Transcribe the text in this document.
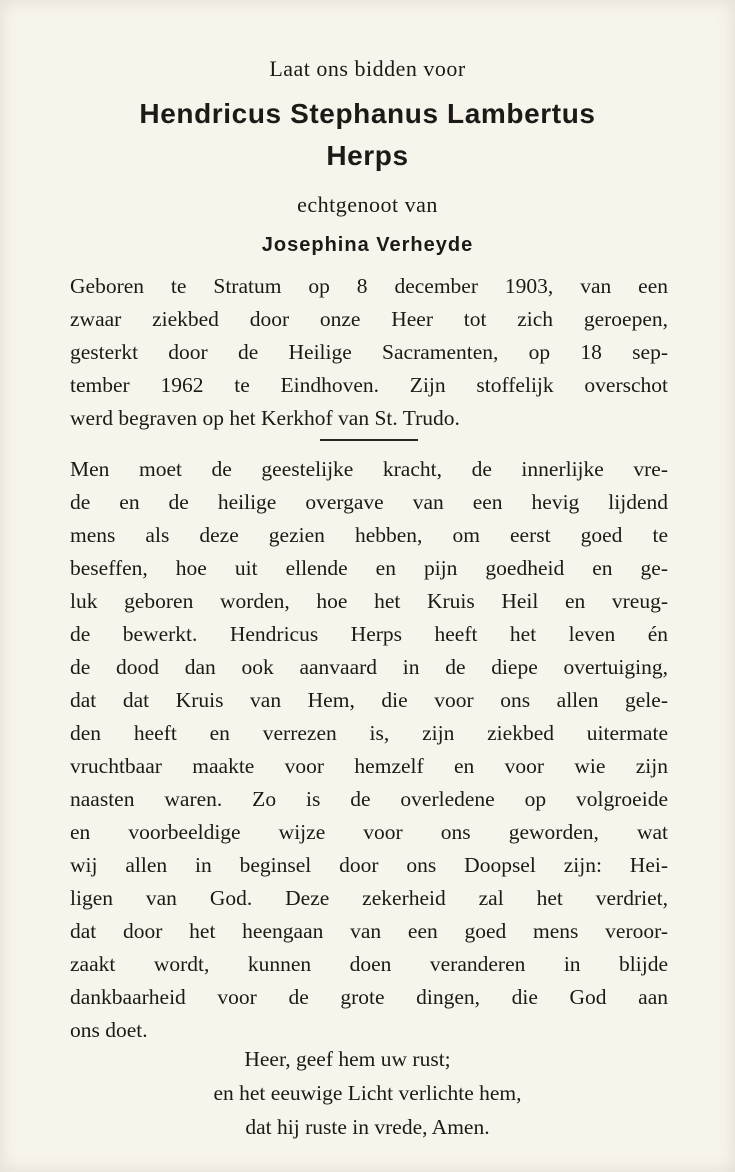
Laat ons bidden voor
Hendricus Stephanus Lambertus
Herps
echtgenoot van
Josephina Verheyde
Geboren te Stratum op 8 december 1903, van een
zwaar ziekbed door onze Heer tot zich geroepen,
gesterkt door de Heilige Sacramenten, op 18 sep-
tember 1962 te Eindhoven. Zijn stoffelijk overschot
werd begraven op het Kerkhof van St. Trudo.
Men moet de geestelijke kracht, de innerlijke vre-
de en de heilige overgave van een hevig lijdend
mens als deze gezien hebben, om eerst goed te
beseffen, hoe uit ellende en pijn goedheid en ge-
luk geboren worden, hoe het Kruis Heil en vreug-
de bewerkt. Hendricus Herps heeft het leven én
de dood dan ook aanvaard in de diepe overtuiging,
dat dat Kruis van Hem, die voor ons allen gele-
den heeft en verrezen is, zijn ziekbed uitermate
vruchtbaar maakte voor hemzelf en voor wie zijn
naasten waren. Zo is de overledene op volgroeide
en voorbeeldige wijze voor ons geworden, wat
wij allen in beginsel door ons Doopsel zijn: Hei-
ligen van God. Deze zekerheid zal het verdriet,
dat door het heengaan van een goed mens veroor-
zaakt wordt, kunnen doen veranderen in blijde
dankbaarheid voor de grote dingen, die God aan
ons doet.
Heer, geef hem uw rust;
en het eeuwige Licht verlichte hem,
dat hij ruste in vrede, Amen.
